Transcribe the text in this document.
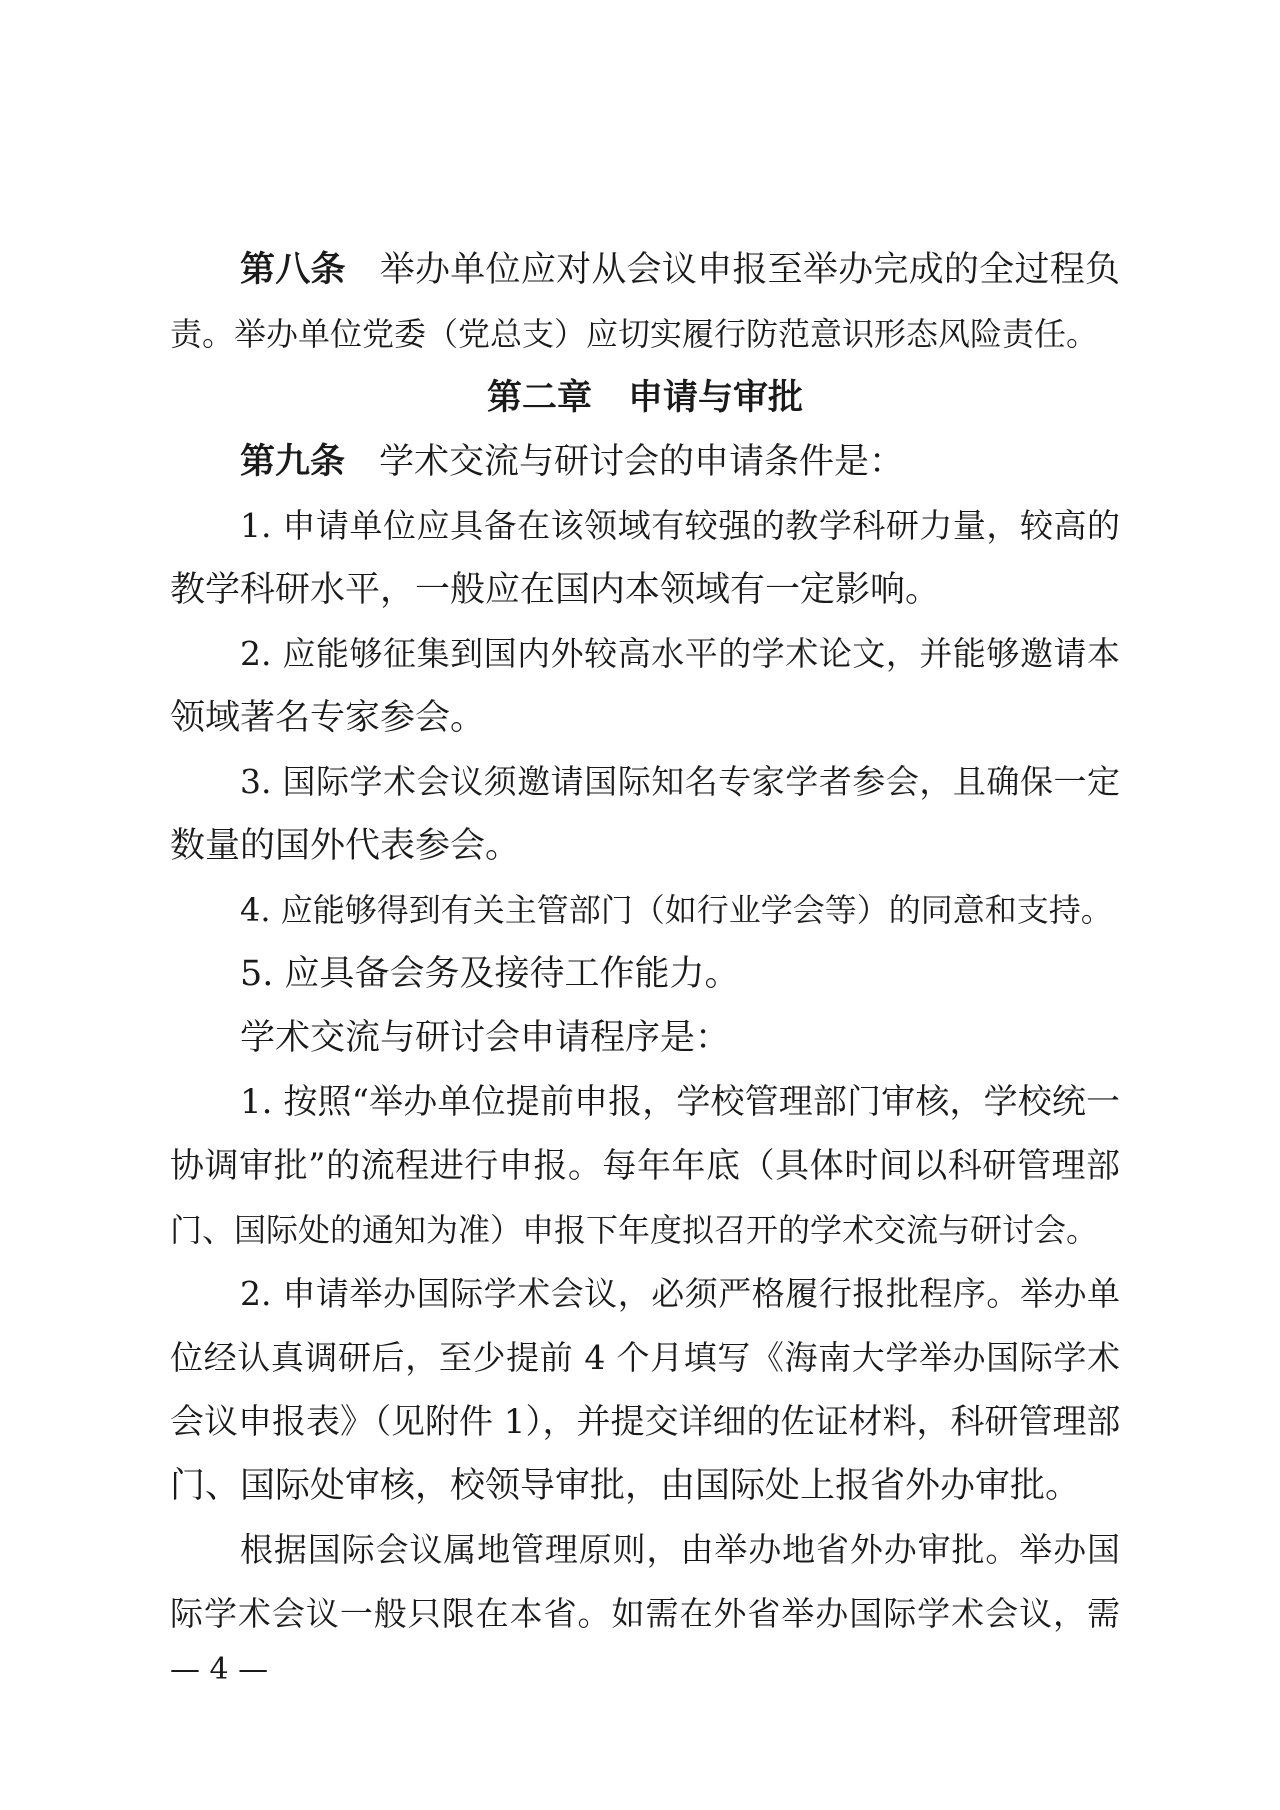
第八条 举办单位应对从会议申报至举办完成的全过程负
责。举办单位党委（党总支）应切实履行防范意识形态风险责任。
第二章 申请与审批
第九条 学术交流与研讨会的申请条件是：
1. 申请单位应具备在该领域有较强的教学科研力量，较高的
教学科研水平，一般应在国内本领域有一定影响。
2. 应能够征集到国内外较高水平的学术论文，并能够邀请本
领域著名专家参会。
3. 国际学术会议须邀请国际知名专家学者参会，且确保一定
数量的国外代表参会。
4. 应能够得到有关主管部门（如行业学会等）的同意和支持。
5. 应具备会务及接待工作能力。
学术交流与研讨会申请程序是：
1. 按照“举办单位提前申报，学校管理部门审核，学校统一
协调审批”的流程进行申报。每年年底（具体时间以科研管理部
门、国际处的通知为准）申报下年度拟召开的学术交流与研讨会。
2. 申请举办国际学术会议，必须严格履行报批程序。举办单
位经认真调研后，至少提前 4 个月填写《海南大学举办国际学术
会议申报表》（见附件 1），并提交详细的佐证材料，科研管理部
门、国际处审核，校领导审批，由国际处上报省外办审批。
根据国际会议属地管理原则，由举办地省外办审批。举办国
际学术会议一般只限在本省。如需在外省举办国际学术会议，需
— 4 —
